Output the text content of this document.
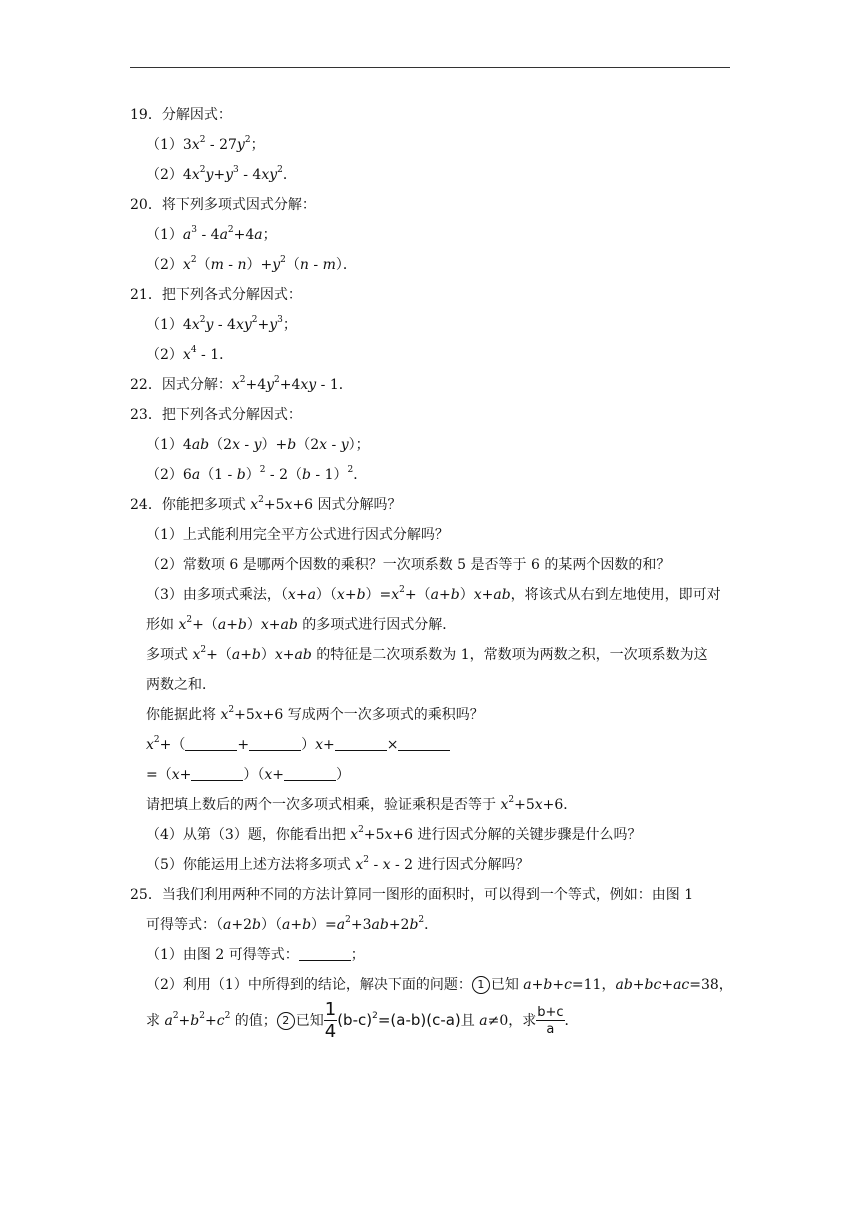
19．分解因式：
$(1)3x^2 - 27y^2$；
$(2)4x^2y+y^3 - 4xy^2$．
20．将下列多项式因式分解：
$(1)a^3 - 4a^2+4a$；
$(2)x^2(m - n)+y^2(n - m)$．
21．把下列各式分解因式：
$(1)4x^2y - 4xy^2+y^3$；
$(2)x^4 - 1$．
22．因式分解：$x^2+4y^2+4xy - 1$．
23．把下列各式分解因式：
（1）4ab（2x - y）+b（2x - y）；
（2）6a（1 - b）$^2$ - 2（b - 1）$^2$．
24．你能把多项式 $x^2+5x+6$ 因式分解吗？
（1）上式能利用完全平方公式进行因式分解吗？
（2）常数项 6 是哪两个因数的乘积？一次项系数 5 是否等于 6 的某两个因数的和？
（3）由多项式乘法，$(x+a)(x+b)=x^2+(a+b)x+ab$，将该式从右到左地使用，即可对
形如 $x^2+(a+b)x+ab$ 的多项式进行因式分解．
多项式 $x^2+(a+b)x+ab$ 的特征是二次项系数为 1，常数项为两数之积，一次项系数为这
两数之和．
你能据此将 $x^2+5x+6$ 写成两个一次多项式的乘积吗？
$x^2+$（	+	）x+	×
=（x+	）（x+	）
请把填上数后的两个一次多项式相乘，验证乘积是否等于 $x^2+5x+6$．
（4）从第（3）题，你能看出把 $x^2+5x+6$ 进行因式分解的关键步骤是什么吗？
（5）你能运用上述方法将多项式 $x^2$ - x - 2 进行因式分解吗？
25．当我们利用两种不同的方法计算同一图形的面积时，可以得到一个等式，例如：由图 1
可得等式：$(a+2b)(a+b)=a^2+3ab+2b^2$．
（1）由图 2 可得等式：	；
（2）利用（1）中所得到的结论，解决下面的问题： 1 已知 a+b+c=11，ab+bc+ac=38，
求 $a^2+b^2+c^2$ 的值； 2 已知 $\frac{1}{4} (b-c)^2=(a-b)(c-a)$且 a≠0，求 $\frac{b+c}{a}$ ．
